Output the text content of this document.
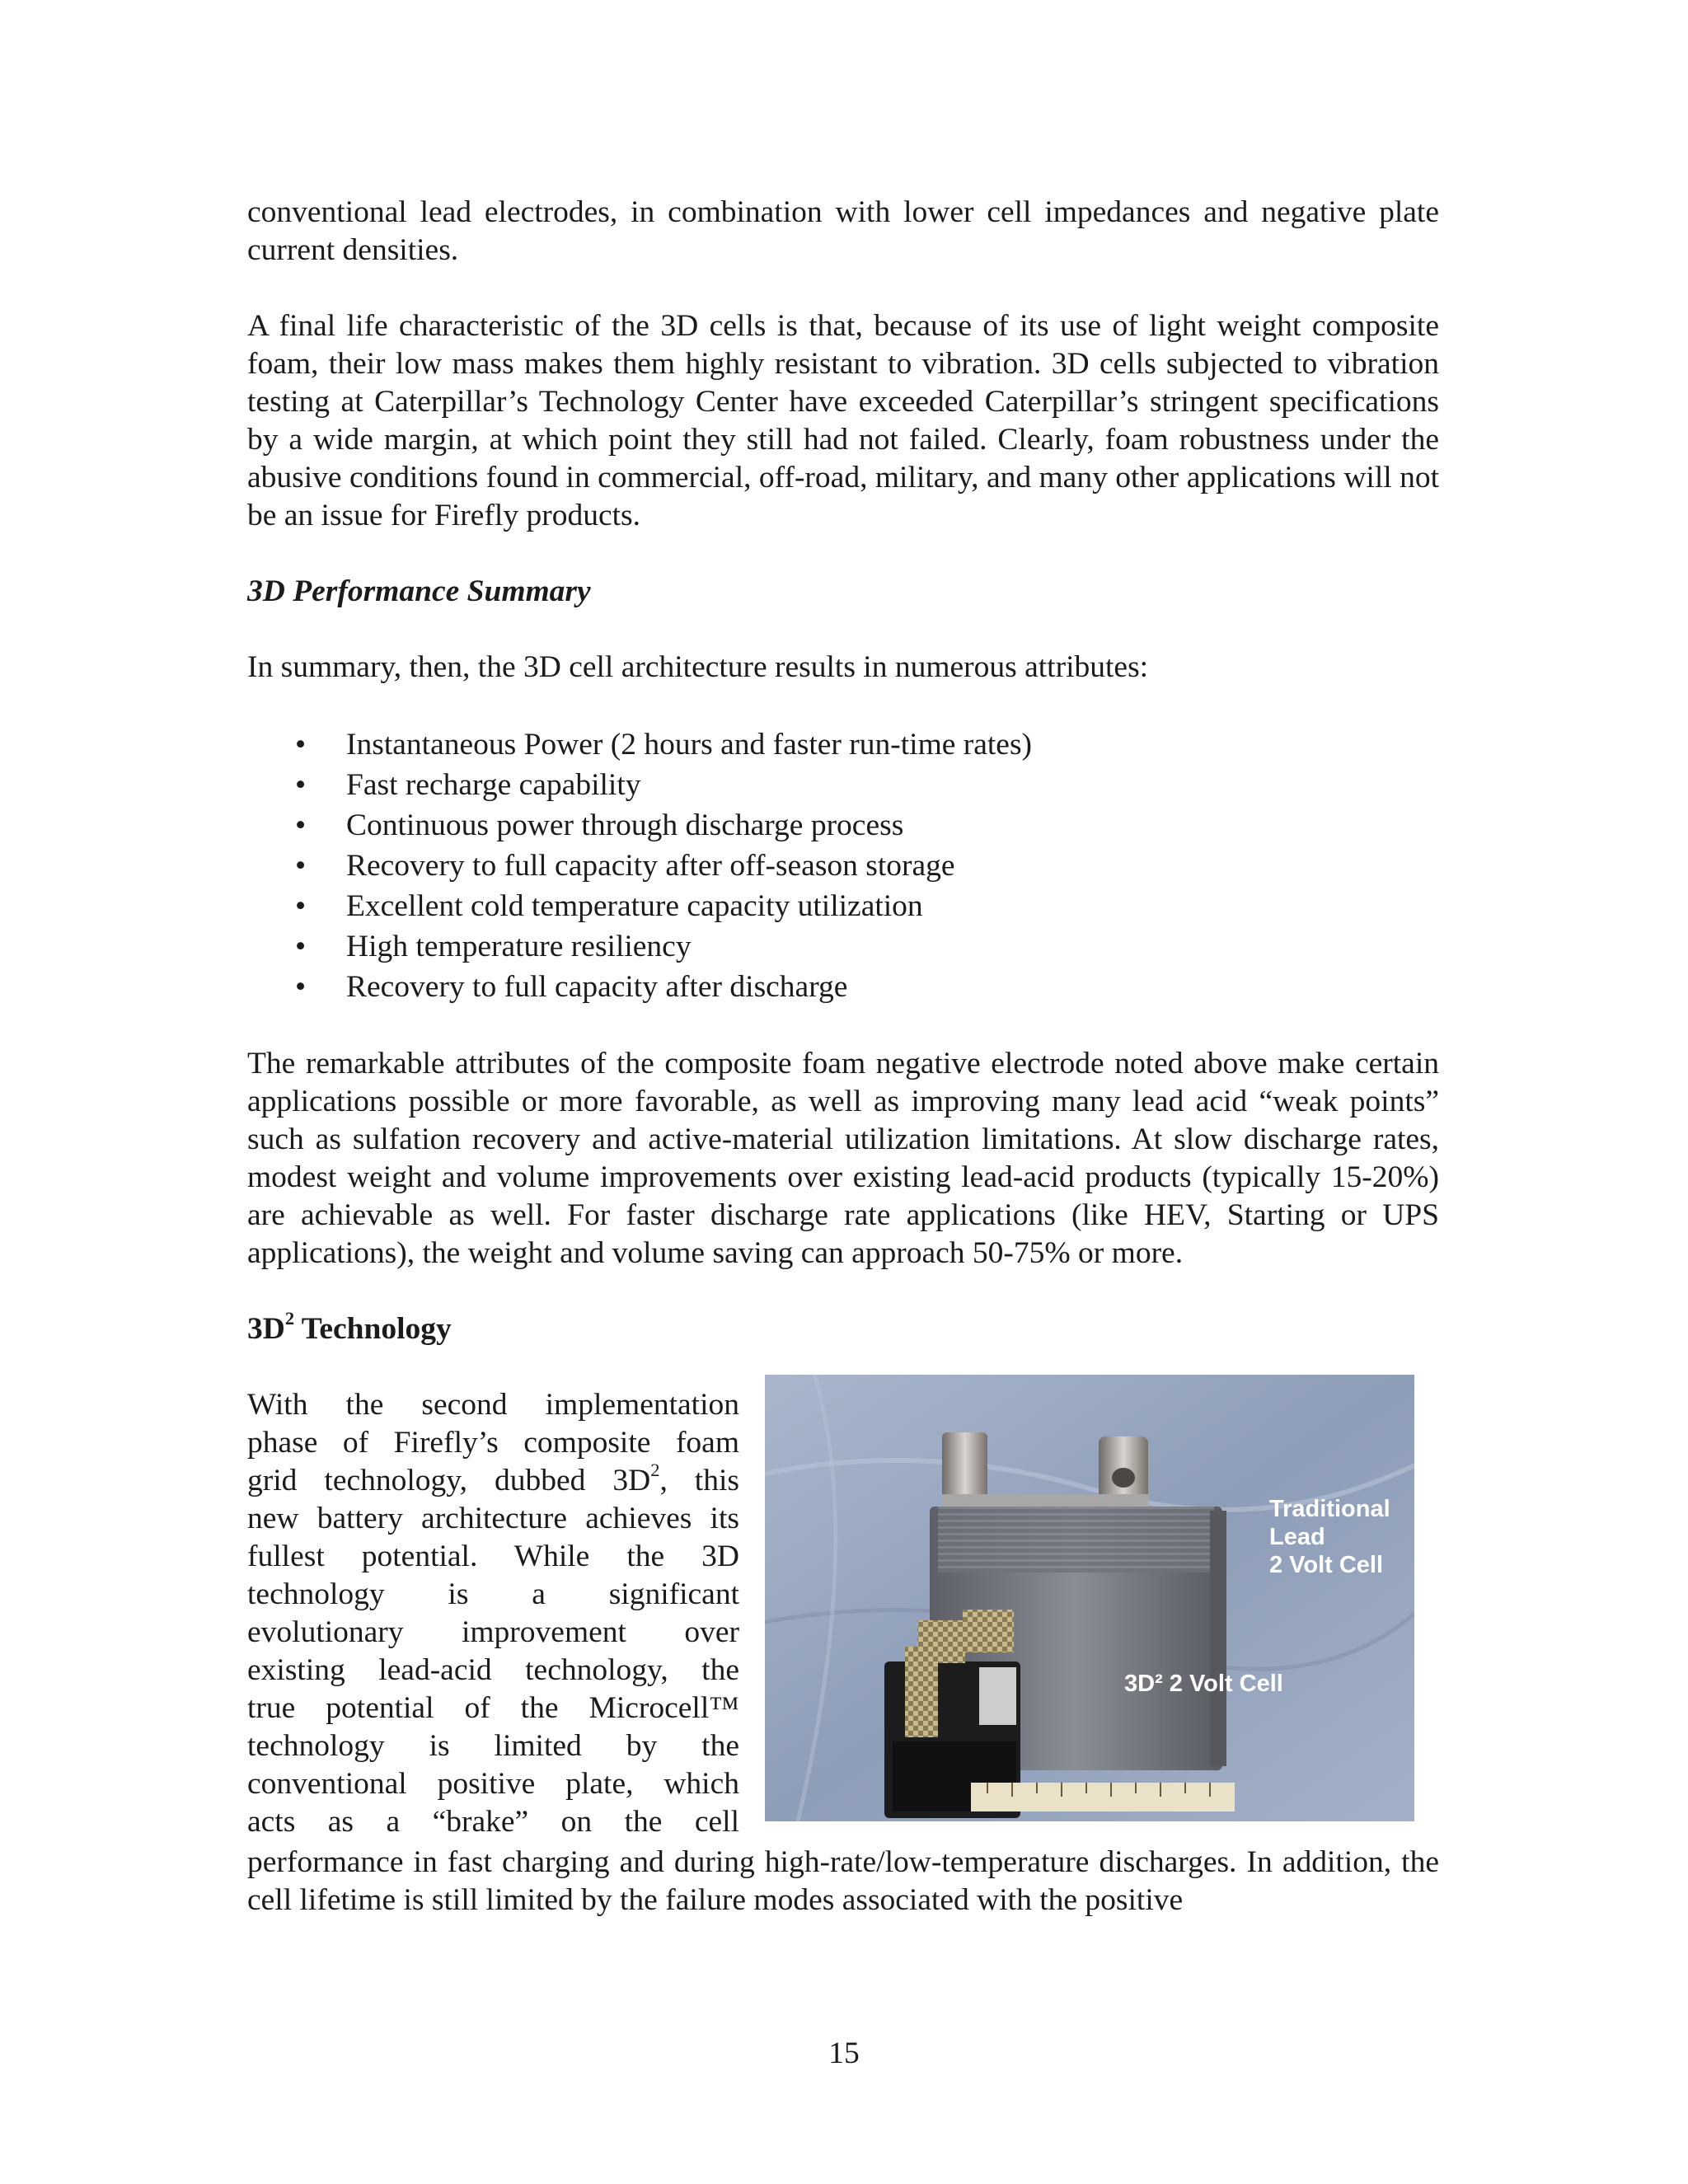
conventional lead electrodes, in combination with lower cell impedances and negative plate current densities.

A final life characteristic of the 3D cells is that, because of its use of light weight composite foam, their low mass makes them highly resistant to vibration. 3D cells subjected to vibration testing at Caterpillar’s Technology Center have exceeded Caterpillar’s stringent specifications by a wide margin, at which point they still had not failed. Clearly, foam robustness under the abusive conditions found in commercial, off-road, military, and many other applications will not be an issue for Firefly products.

3D Performance Summary

In summary, then, the 3D cell architecture results in numerous attributes:

• Instantaneous Power (2 hours and faster run-time rates)
• Fast recharge capability
• Continuous power through discharge process
• Recovery to full capacity after off-season storage
• Excellent cold temperature capacity utilization
• High temperature resiliency
• Recovery to full capacity after discharge

The remarkable attributes of the composite foam negative electrode noted above make certain applications possible or more favorable, as well as improving many lead acid “weak points” such as sulfation recovery and active-material utilization limitations. At slow discharge rates, modest weight and volume improvements over existing lead-acid products (typically 15-20%) are achievable as well. For faster discharge rate applications (like HEV, Starting or UPS applications), the weight and volume saving can approach 50-75% or more.

$3D^2$ Technology

With the second implementation

phase of Firefly’s composite foam

grid technology, dubbed $3D^2$, this

new battery architecture achieves its

fullest potential. While the 3D

technology is a significant

evolutionary improvement over

existing lead-acid technology, the

true potential of the Microcell™

technology is limited by the

conventional positive plate, which

acts as a “brake” on the cell

Traditional
Lead
2 Volt Cell
3D² 2 Volt Cell

performance in fast charging and during high-rate/low-temperature discharges. In addition, the cell lifetime is still limited by the failure modes associated with the positive

15
